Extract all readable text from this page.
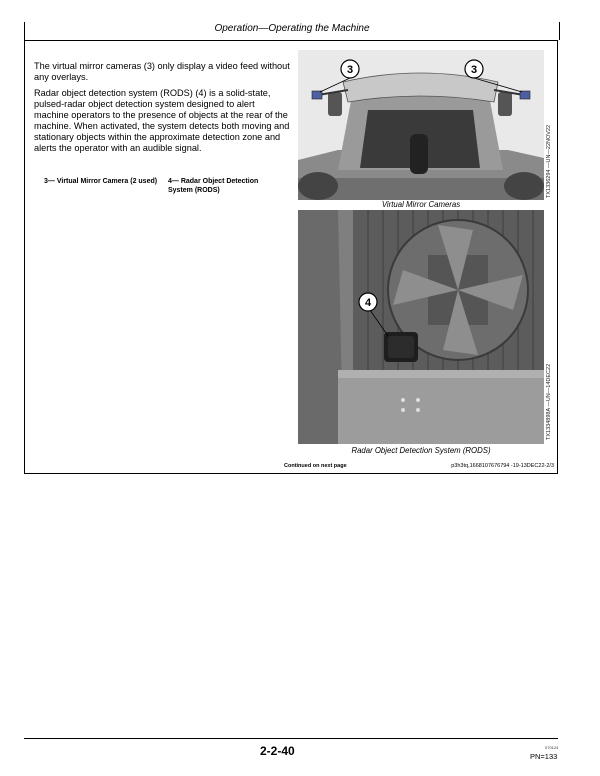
Operation—Operating the Machine

The virtual mirror cameras (3) only display a video feed without any overlays.

Radar object detection system (RODS) (4) is a solid-state, pulsed-radar object detection system designed to alert machine operators to the presence of objects at the rear of the machine. When activated, the system detects both moving and stationary objects within the approximate detection zone and alerts the operator with an audible signal.

3— Virtual Mirror Camera (2 used) 4— Radar Object Detection System (RODS)
3	3
Virtual Mirror Cameras
TX1336294 —UN—22NOV22
4
Radar Object Detection System (RODS)
TX1334898A —UN—14DEC22
Continued on next page	p3h3tq,1668107676794 -19-13DEC22-2/3
2-2-40	070124
PN=133
